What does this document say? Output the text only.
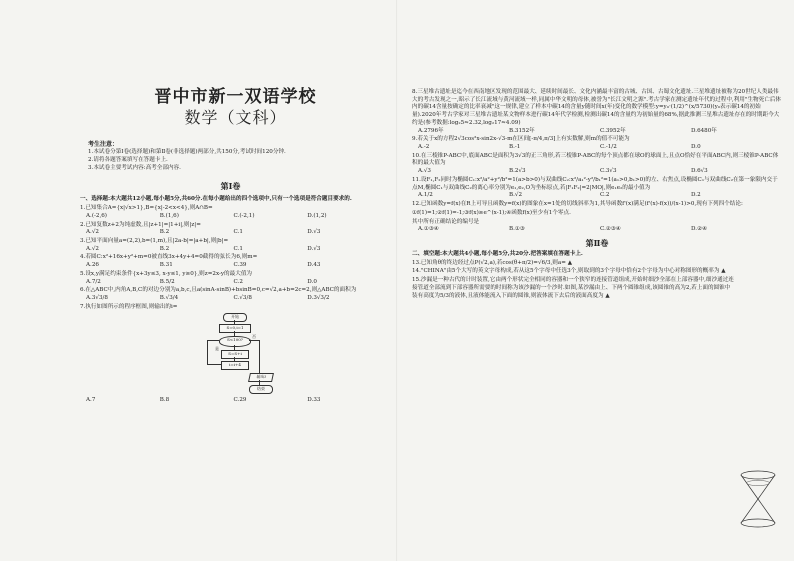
晋中市新一双语学校
数学（文科）
考生注意：
1.本试卷分第Ⅰ卷(选择题)和第Ⅱ卷(非选择题)两部分,共150分,考试时间120分钟.
2.请将各题答案填写在答题卡上.
3.本试卷主要考试内容:高考全部内容.
第Ⅰ卷
一、选择题:本大题共12小题,每小题5分,共60分.在每小题给出的四个选项中,只有一个选项是符合题目要求的.
1.已知集合A={x|√x>1},B={x|-2<x<4},则A∩B=
A.(-2,6)	B.(1,6)	C.(-2,1)	D.(1,2)
2.已知复数z+2为纯虚数,且|z+1|=|1+i|,则|z|=
A.√2	B.2	C.1	D.√3
3.已知平面向量a=(2,2),b=(1,m),且|2a-b|=|a+b|,则|b|=
A.√2	B.2	C.1	D.√3
4.若圆C:x²+16x+y²+m=0被直线3x+4y+4=0截得的弦长为6,则m=
A.26	B.31	C.39	D.43
5.设x,y满足约束条件{x+3y≤3, x-y≤1, y≥0},则z=2x-y的最大值为
A.7/2	B.5/2	C.2	D.0
6.在△ABC中,内角A,B,C的对边分别为a,b,c,且a(sinA-sinB)+bsinB=0,c=√2,a+b=2c=2,则△ABC的面积为
A.3√3/8	B.√3/4	C.√3/8	D.3√3/2
7.执行如图所示的程序框图,则输出的i=
开始
S=0,i=1
S<100?
是
S=S+i
i=i+4
否
输出i
结束
A.7	B.8	C.29	D.33
8.三星堆古遗址是迄今在西南地区发现的范围最大、延续时间最长、文化内涵最丰富的古城、古国、古蜀文化遗址.三星堆遗址被称为20世纪人类最伟大的考古发现之一,昭示了长江流域与黄河流域一样,同属中华文明的母体,被誉为"长江文明之源".考古学家在测定遗址年代的过程中,利用"生物死亡后体内的碳14含量按确定的比率衰减"这一规律,建立了样本中碳14的含量y随时间x(年)变化的数学模型:y=y₀·(1/2)^(x/5730)(y₀表示碳14的初始量).2020年考古学家对三星堆古遗址某文物样本进行碳14年代学检测,检测出碳14的含量约为初始量的68%,据此推测三星堆古遗址存在的时期距今大约是(参考数据:log₂5≈2.32,log₂17≈4.09)
A.2796年	B.3152年	C.3952年	D.6480年
9.若关于x的方程2√3cos²x-sin2x-√3-m在区间[-π/4,π/3]上有实数解,则m的值不可能为
A.-2	B.-1	C.-1/2	D.0
10.在三棱锥P-ABC中,底面ABC是面积为3√3的正三角形,若三棱锥P-ABC的每个顶点都在球O的球面上,且点O恰好在平面ABC内,则三棱锥P-ABC体积的最大值为
A.√3	B.2√3	C.3√3	D.6√3
11.设F₁,F₂同时为椭圆C₁:x²/a²+y²/b²=1(a>b>0)与双曲线C₂:x²/a₁²-y²/b₁²=1(a₁>0,b₁>0)的左、右焦点,设椭圆C₁与双曲线C₂在第一象限内交于点M,椭圆C₁与双曲线C₂的离心率分别为e₁,e₂,O为坐标原点,若|F₁F₂|=2|MO|,则e₁e₂的最小值为
A.1/2	B.√2	C.2	D.2
12.已知函数y=f(x)在R上可导且函数y=f(x)的图象在x=1处的切线斜率为1,其导函数f'(x)满足(f'(x)-f(x))/(x-1)>0,现有下列四个结论:
①f(1)=1;②f(1)=-1;③f(x)≥e^(x-1);④函数f(x)至少有1个零点.
其中所有正确结论的编号是
A.①③④	B.①③	C.②③④	D.②④
第Ⅱ卷
二、填空题:本大题共4小题,每小题5分,共20分.把答案填在答题卡上.
13.已知角θ的终边经过点P(√2,a),若cos(θ+π/2)=√6/3,则a= ▲
14."CHINA"由5个大写的英文字母构成,若从这5个字母中任选3个,则取到的3个字母中恰有2个字母为中心对称图形的概率为 ▲
15.沙漏是一种古代的计时装置,它由两个形状完全相同的容器和一个狭窄的连接管道组成,开始时细沙全部在上部容器中,细沙通过连接管道全部流到下部容器所需要的时间称为该沙漏的一个沙时.如图,某沙漏由上、下两个圆锥组成,该圆锥的高为2,若上面的圆锥中装有高度为5/3的液体,且液体能流入下面的圆锥,则液体流下去后的液面高度为 ▲
